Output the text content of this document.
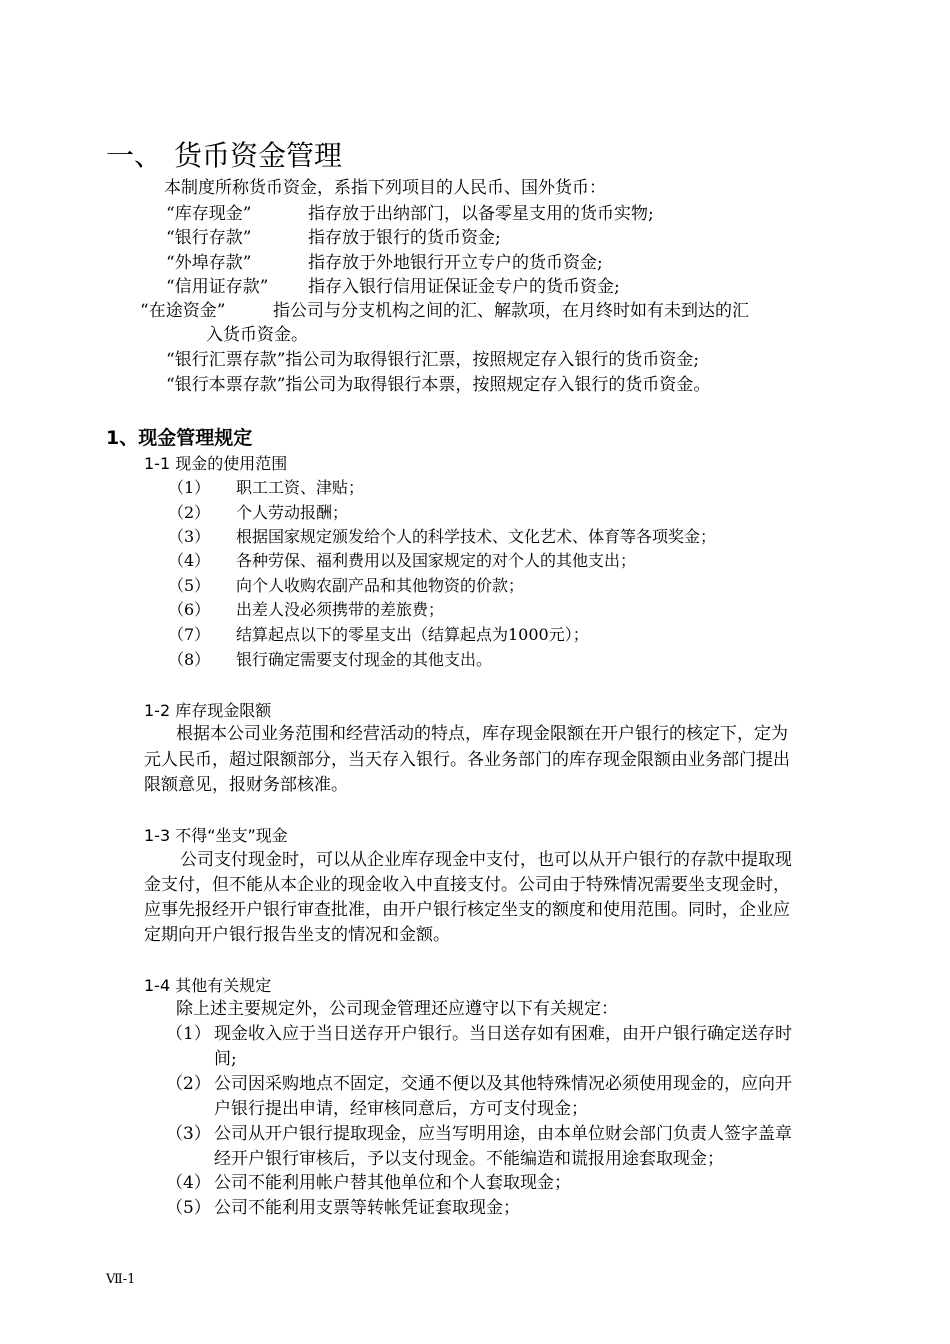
一、 货币资金管理
本制度所称货币资金，系指下列项目的人民币、国外货币：
“库存现金”	指存放于出纳部门，以备零星支用的货币实物;
“银行存款”	指存放于银行的货币资金;
“外埠存款”	指存放于外地银行开立专户的货币资金;
“信用证存款” 指存入银行信用证保证金专户的货币资金;
“在途资金”	指公司与分支机构之间的汇、解款项，在月终时如有未到达的汇
入货币资金。
“银行汇票存款”指公司为取得银行汇票，按照规定存入银行的货币资金;
“银行本票存款”指公司为取得银行本票，按照规定存入银行的货币资金。
1、现金管理规定
1-1 现金的使用范围
（1） 职工工资、津贴；
（2） 个人劳动报酬；
（3） 根据国家规定颁发给个人的科学技术、文化艺术、体育等各项奖金；
（4） 各种劳保、福利费用以及国家规定的对个人的其他支出；
（5） 向个人收购农副产品和其他物资的价款；
（6） 出差人没必须携带的差旅费；
（7） 结算起点以下的零星支出（结算起点为1000元）；
（8） 银行确定需要支付现金的其他支出。
1-2 库存现金限额
根据本公司业务范围和经营活动的特点，库存现金限额在开户银行的核定下，定为
元人民币，超过限额部分，当天存入银行。各业务部门的库存现金限额由业务部门提出
限额意见，报财务部核准。
1-3 不得“坐支”现金
公司支付现金时，可以从企业库存现金中支付，也可以从开户银行的存款中提取现
金支付，但不能从本企业的现金收入中直接支付。公司由于特殊情况需要坐支现金时，
应事先报经开户银行审查批准，由开户银行核定坐支的额度和使用范围。同时，企业应
定期向开户银行报告坐支的情况和金额。
1-4 其他有关规定
除上述主要规定外，公司现金管理还应遵守以下有关规定：
（1） 现金收入应于当日送存开户银行。当日送存如有困难，由开户银行确定送存时
间;
（2） 公司因采购地点不固定，交通不便以及其他特殊情况必须使用现金的，应向开
户银行提出申请，经审核同意后，方可支付现金；
（3） 公司从开户银行提取现金，应当写明用途，由本单位财会部门负责人签字盖章
经开户银行审核后，予以支付现金。不能编造和谎报用途套取现金；
（4） 公司不能利用帐户替其他单位和个人套取现金；
（5） 公司不能利用支票等转帐凭证套取现金；
Ⅶ-1
